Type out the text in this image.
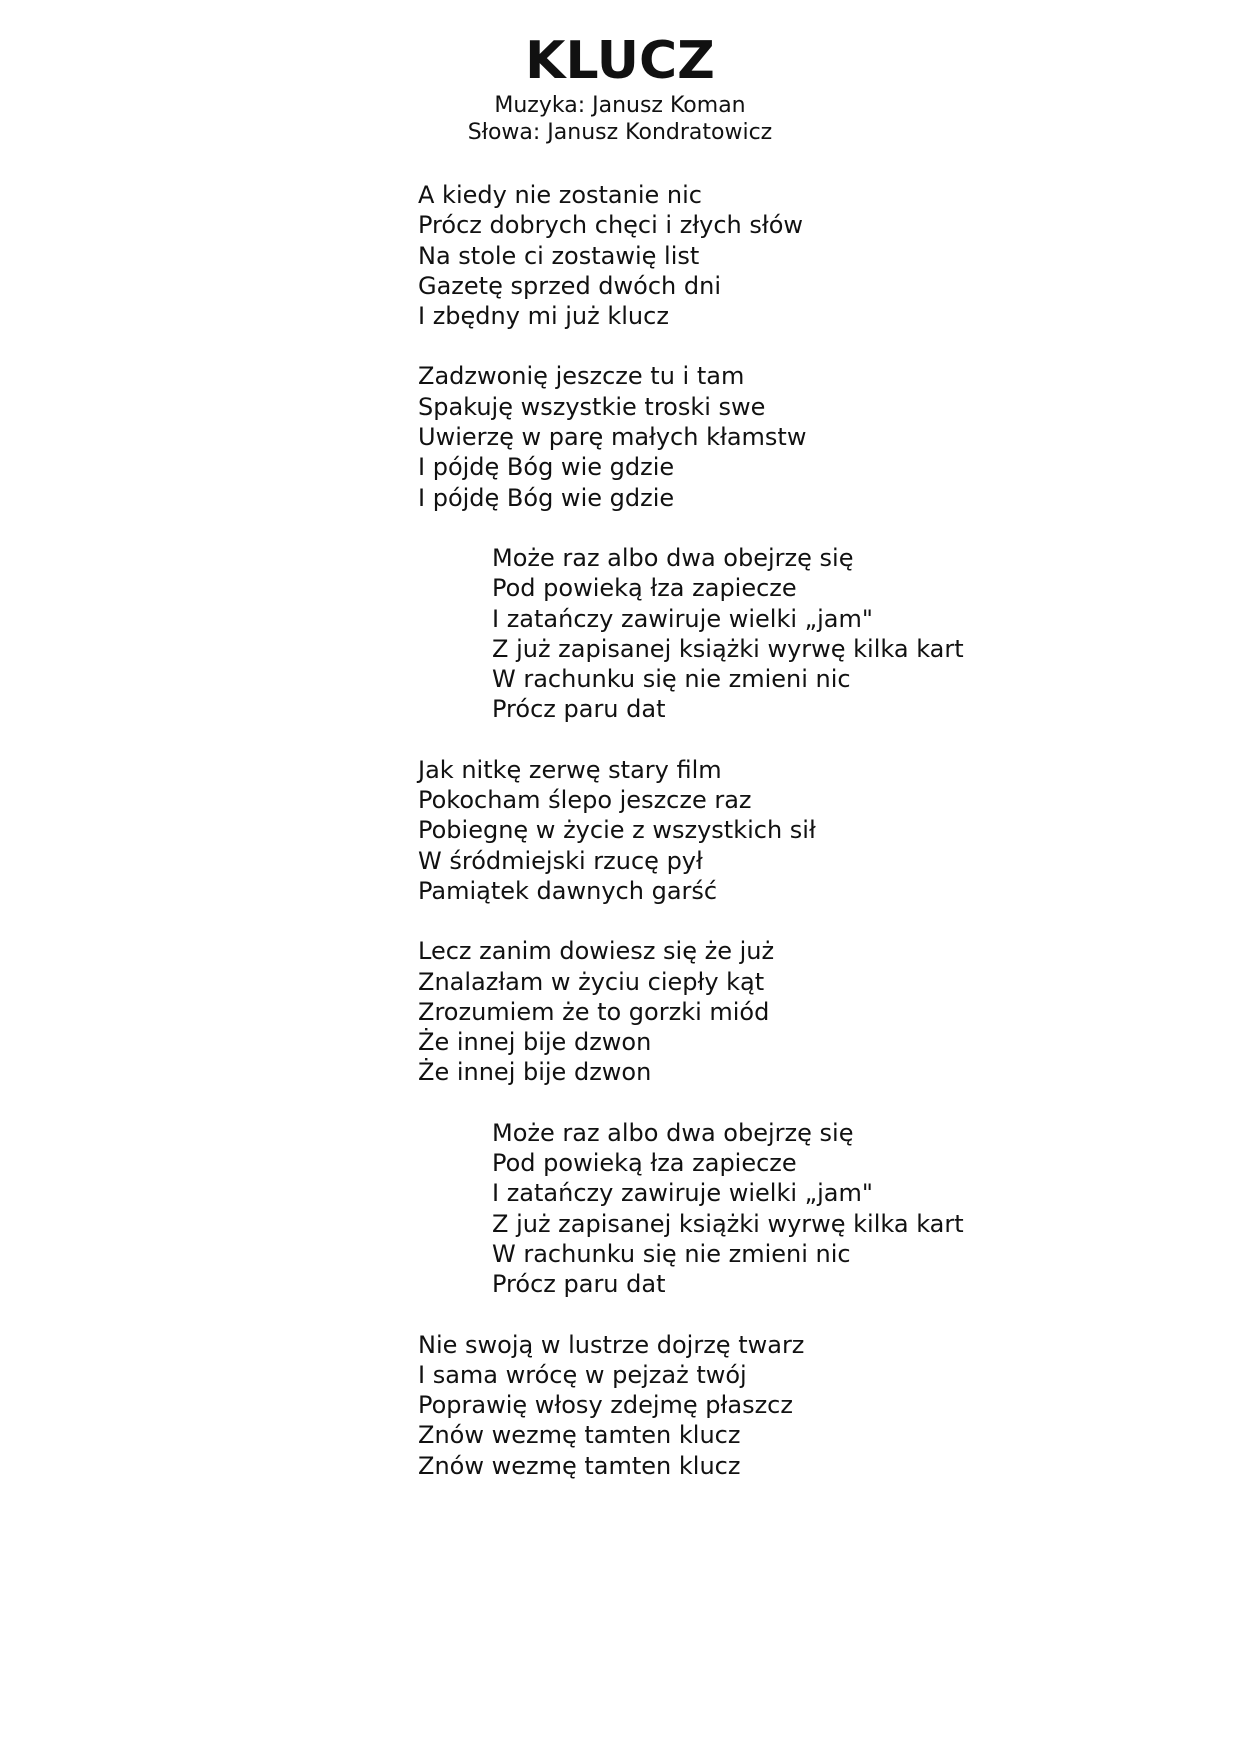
KLUCZ

Muzyka: Janusz Koman

Słowa: Janusz Kondratowicz

A kiedy nie zostanie nic
Prócz dobrych chęci i złych słów
Na stole ci zostawię list
Gazetę sprzed dwóch dni
I zbędny mi już klucz
Zadzwonię jeszcze tu i tam
Spakuję wszystkie troski swe
Uwierzę w parę małych kłamstw
I pójdę Bóg wie gdzie
I pójdę Bóg wie gdzie
Może raz albo dwa obejrzę się
Pod powieką łza zapiecze
I zatańczy zawiruje wielki „jam"
Z już zapisanej książki wyrwę kilka kart
W rachunku się nie zmieni nic
Prócz paru dat
Jak nitkę zerwę stary film
Pokocham ślepo jeszcze raz
Pobiegnę w życie z wszystkich sił
W śródmiejski rzucę pył
Pamiątek dawnych garść
Lecz zanim dowiesz się że już
Znalazłam w życiu ciepły kąt
Zrozumiem że to gorzki miód
Że innej bije dzwon
Że innej bije dzwon
Może raz albo dwa obejrzę się
Pod powieką łza zapiecze
I zatańczy zawiruje wielki „jam"
Z już zapisanej książki wyrwę kilka kart
W rachunku się nie zmieni nic
Prócz paru dat
Nie swoją w lustrze dojrzę twarz
I sama wrócę w pejzaż twój
Poprawię włosy zdejmę płaszcz
Znów wezmę tamten klucz
Znów wezmę tamten klucz
